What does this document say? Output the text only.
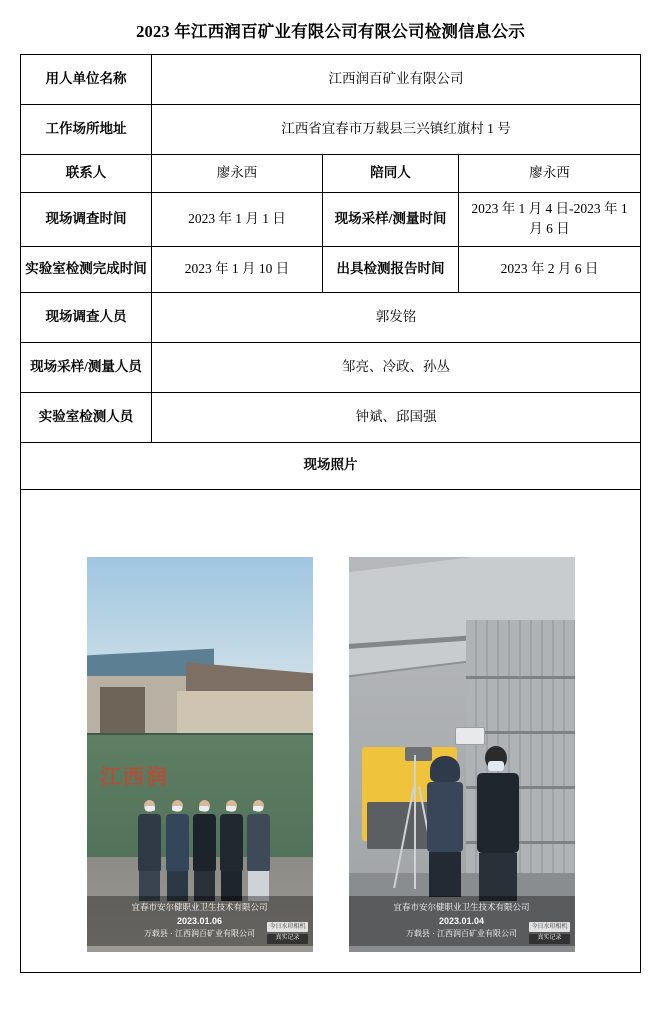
2023 年江西润百矿业有限公司有限公司检测信息公示
用人单位名称	江西润百矿业有限公司		
工作场所地址	江西省宜春市万载县三兴镇红旗村 1 号		
联系人	廖永西	陪同人	廖永西
现场调查时间	2023 年 1 月 1 日	现场采样/测量时间	2023 年 1 月 4 日-2023 年 1 月 6 日
实验室检测完成时间	2023 年 1 月 10 日	出具检测报告时间	2023 年 2 月 6 日
现场调查人员	郭发铭		
现场采样/测量人员	邹亮、冷政、孙丛		
实验室检测人员	钟斌、邱国强		
现场照片			

江西润
宜春市安尔健职业卫生技术有限公司
2023.01.06
万载县 · 江西润百矿业有限公司
今日水印相机
真实记录
宜春市安尔健职业卫生技术有限公司
2023.01.04
万载县 · 江西润百矿业有限公司
今日水印相机
真实记录
